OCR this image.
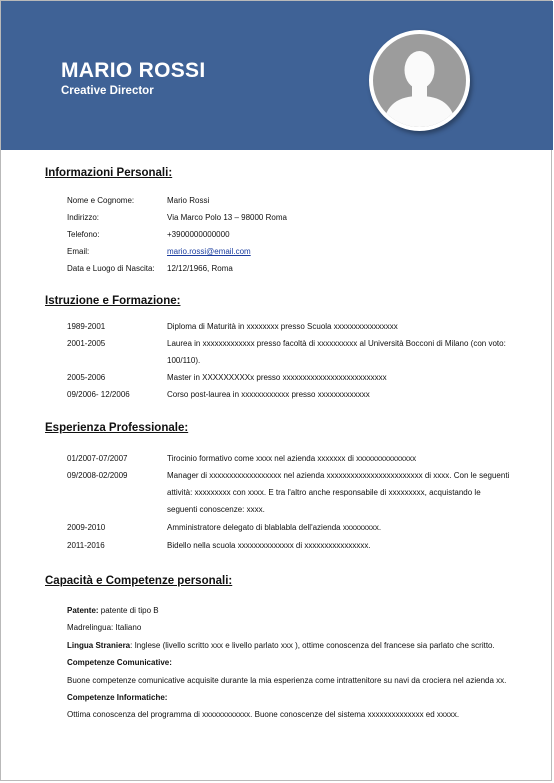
MARIO ROSSI
Creative Director
Informazioni Personali:
Nome e Cognome:	Mario Rossi
Indirizzo:	Via Marco Polo 13 – 98000 Roma
Telefono:	+3900000000000
Email:	mario.rossi@email.com
Data e Luogo di Nascita: 12/12/1966, Roma
Istruzione e Formazione:
1989-2001	Diploma di Maturità in xxxxxxxx presso Scuola xxxxxxxxxxxxxxxx
2001-2005	Laurea in xxxxxxxxxxxxx presso facoltà di xxxxxxxxxx al Università Bocconi di Milano (con voto: 100/110).
2005-2006	Master in XXXXXXXXXx presso xxxxxxxxxxxxxxxxxxxxxxxxxx
09/2006- 12/2006	Corso post-laurea in xxxxxxxxxxxx presso xxxxxxxxxxxxx
Esperienza Professionale:
01/2007-07/2007	Tirocinio formativo come xxxx nel azienda xxxxxxx di xxxxxxxxxxxxxxx
09/2008-02/2009	Manager di xxxxxxxxxxxxxxxxxx nel azienda xxxxxxxxxxxxxxxxxxxxxxxx di xxxx. Con le seguenti attività: xxxxxxxxx con xxxx. E tra l'altro anche responsabile di xxxxxxxxx, acquistando le seguenti conoscenze: xxxx.
2009-2010	Amministratore delegato di blablabla dell'azienda xxxxxxxxx.
2011-2016	Bidello nella scuola xxxxxxxxxxxxxx di xxxxxxxxxxxxxxxx.
Capacità e Competenze personali:
Patente: patente di tipo B
Madrelingua: Italiano
Lingua Straniera: Inglese (livello scritto xxx e livello parlato xxx ), ottime conoscenza del francese sia parlato che scritto.
Competenze Comunicative:
Buone competenze comunicative acquisite durante la mia esperienza come intrattenitore su navi da crociera nel azienda xx.
Competenze Informatiche:
Ottima conoscenza del programma di xxxxxxxxxxxx. Buone conoscenze del sistema xxxxxxxxxxxxxx ed xxxxx.
